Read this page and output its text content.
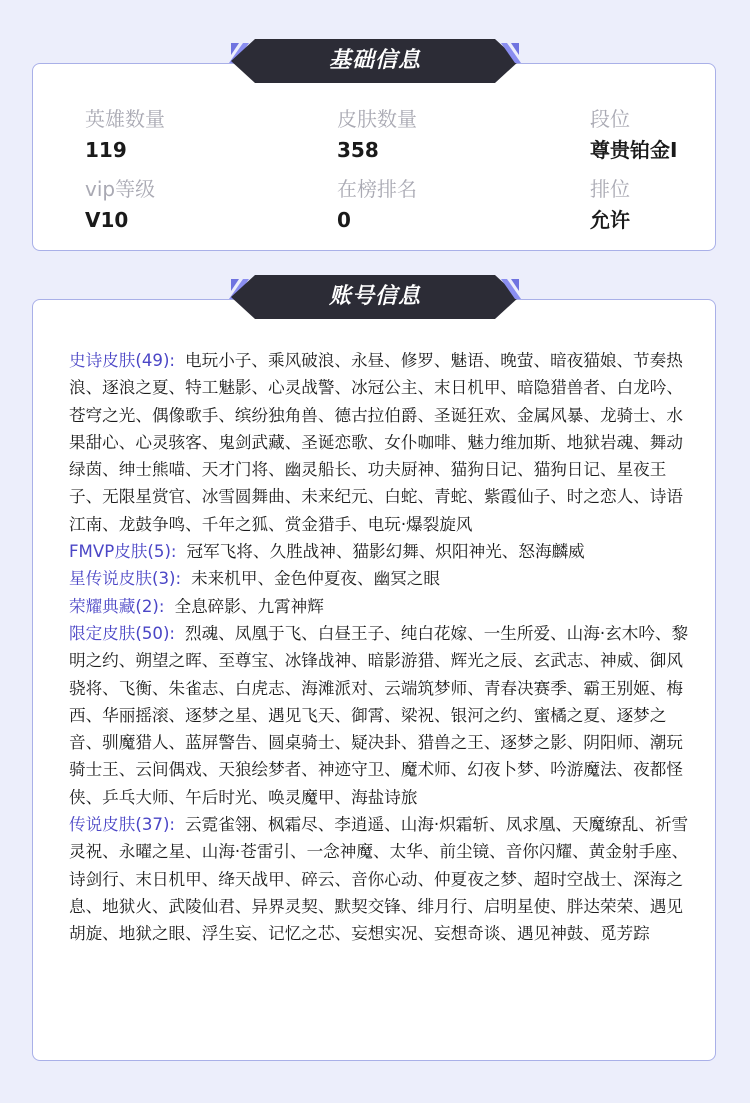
英雄数量
119
皮肤数量
358
段位
尊贵铂金I
vip等级
V10
在榜排名
0
排位
允许
基础信息
史诗皮肤(49): 电玩小子、乘风破浪、永昼、修罗、魅语、晚萤、暗夜猫娘、节奏热浪、逐浪之夏、特工魅影、心灵战警、冰冠公主、末日机甲、暗隐猎兽者、白龙吟、苍穹之光、偶像歌手、缤纷独角兽、德古拉伯爵、圣诞狂欢、金属风暴、龙骑士、水果甜心、心灵骇客、鬼剑武藏、圣诞恋歌、女仆咖啡、魅力维加斯、地狱岩魂、舞动绿茵、绅士熊喵、天才门将、幽灵船长、功夫厨神、猫狗日记、猫狗日记、星夜王子、无限星赏官、冰雪圆舞曲、未来纪元、白蛇、青蛇、紫霞仙子、时之恋人、诗语江南、龙鼓争鸣、千年之狐、赏金猎手、电玩·爆裂旋风
FMVP皮肤(5): 冠军飞将、久胜战神、猫影幻舞、炽阳神光、怒海麟威
星传说皮肤(3): 未来机甲、金色仲夏夜、幽冥之眼
荣耀典藏(2): 全息碎影、九霄神辉
限定皮肤(50): 烈魂、凤凰于飞、白昼王子、纯白花嫁、一生所爱、山海·玄木吟、黎明之约、朔望之晖、至尊宝、冰锋战神、暗影游猎、辉光之辰、玄武志、神威、御风骁将、飞衡、朱雀志、白虎志、海滩派对、云端筑梦师、青春决赛季、霸王别姬、梅西、华丽摇滚、逐梦之星、遇见飞天、御霄、梁祝、银河之约、蜜橘之夏、逐梦之音、驯魔猎人、蓝屏警告、圆桌骑士、疑决卦、猎兽之王、逐梦之影、阴阳师、潮玩骑士王、云间偶戏、天狼绘梦者、神迹守卫、魔术师、幻夜卜梦、吟游魔法、夜都怪侠、乒乓大师、午后时光、唤灵魔甲、海盐诗旅
传说皮肤(37): 云霓雀翎、枫霜尽、李逍遥、山海·炽霜斩、凤求凰、天魔缭乱、祈雪灵祝、永曜之星、山海·苍雷引、一念神魔、太华、前尘镜、音你闪耀、黄金射手座、诗剑行、末日机甲、绛天战甲、碎云、音你心动、仲夏夜之梦、超时空战士、深海之息、地狱火、武陵仙君、异界灵契、默契交锋、绯月行、启明星使、胖达荣荣、遇见胡旋、地狱之眼、浮生妄、记忆之芯、妄想实况、妄想奇谈、遇见神鼓、觅芳踪
账号信息
